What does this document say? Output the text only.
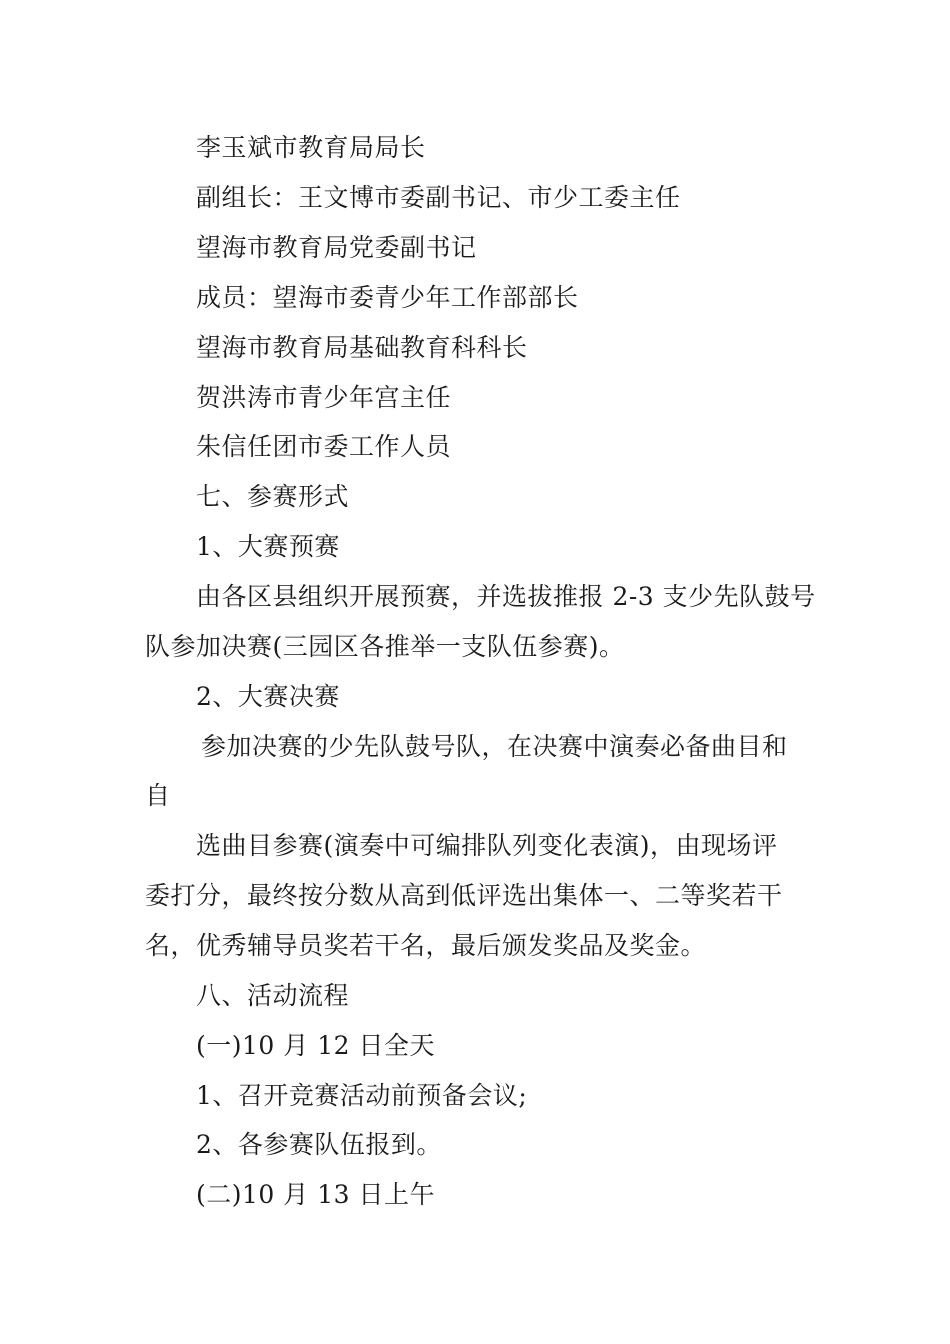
李玉斌市教育局局长
副组长：王文博市委副书记、市少工委主任
望海市教育局党委副书记
成员：望海市委青少年工作部部长
望海市教育局基础教育科科长
贺洪涛市青少年宫主任
朱信任团市委工作人员
七、参赛形式
1、大赛预赛
由各区县组织开展预赛，并选拔推报 2-3 支少先队鼓号
队参加决赛(三园区各推举一支队伍参赛)。
2、大赛决赛
参加决赛的少先队鼓号队，在决赛中演奏必备曲目和
自
选曲目参赛(演奏中可编排队列变化表演)，由现场评
委打分，最终按分数从高到低评选出集体一、二等奖若干
名，优秀辅导员奖若干名，最后颁发奖品及奖金。
八、活动流程
(一)10 月 12 日全天
1、召开竞赛活动前预备会议;
2、各参赛队伍报到。
(二)10 月 13 日上午
